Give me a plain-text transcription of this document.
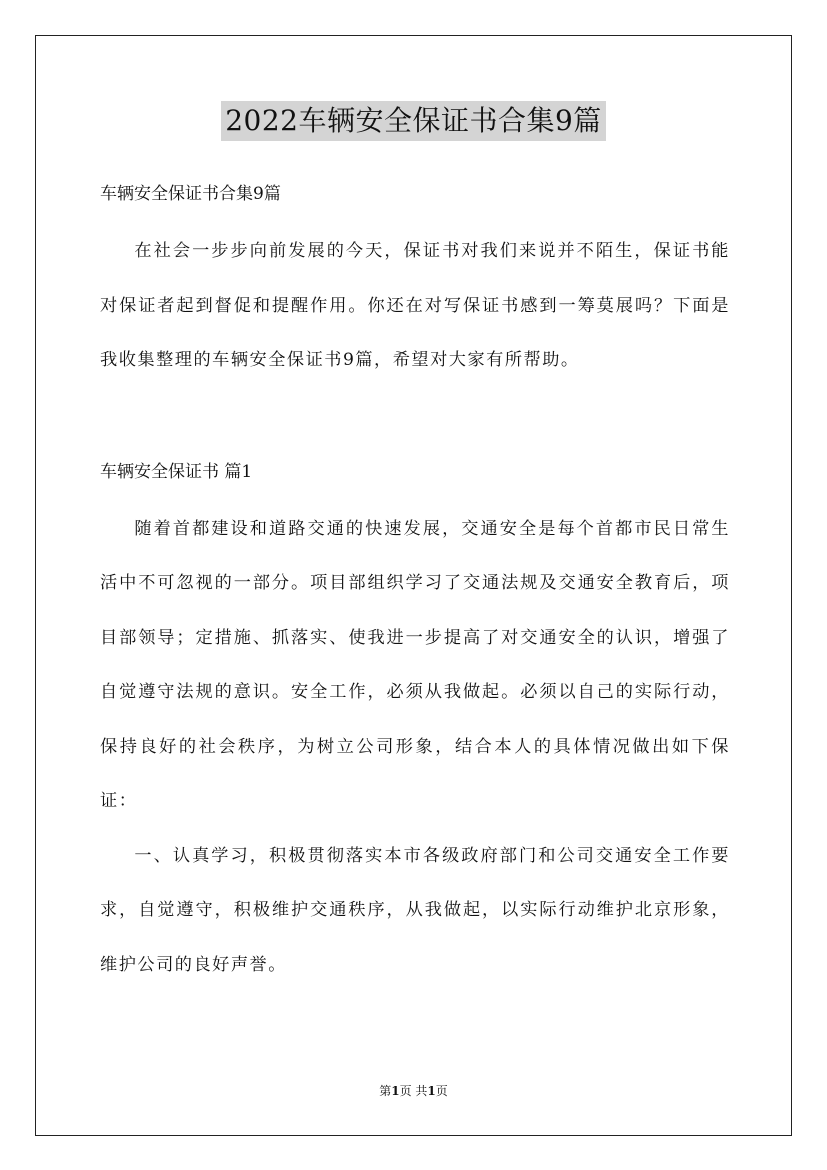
2022车辆安全保证书合集9篇

车辆安全保证书合集9篇

在社会一步步向前发展的今天，保证书对我们来说并不陌生，保证书能对保证者起到督促和提醒作用。你还在对写保证书感到一筹莫展吗？下面是我收集整理的车辆安全保证书9篇，希望对大家有所帮助。

车辆安全保证书 篇1

随着首都建设和道路交通的快速发展，交通安全是每个首都市民日常生活中不可忽视的一部分。项目部组织学习了交通法规及交通安全教育后，项目部领导；定措施、抓落实、使我进一步提高了对交通安全的认识，增强了自觉遵守法规的意识。安全工作，必须从我做起。必须以自己的实际行动，保持良好的社会秩序，为树立公司形象，结合本人的具体情况做出如下保证：

一、认真学习，积极贯彻落实本市各级政府部门和公司交通安全工作要求，自觉遵守，积极维护交通秩序，从我做起，以实际行动维护北京形象，维护公司的良好声誉。

第1页 共1页
